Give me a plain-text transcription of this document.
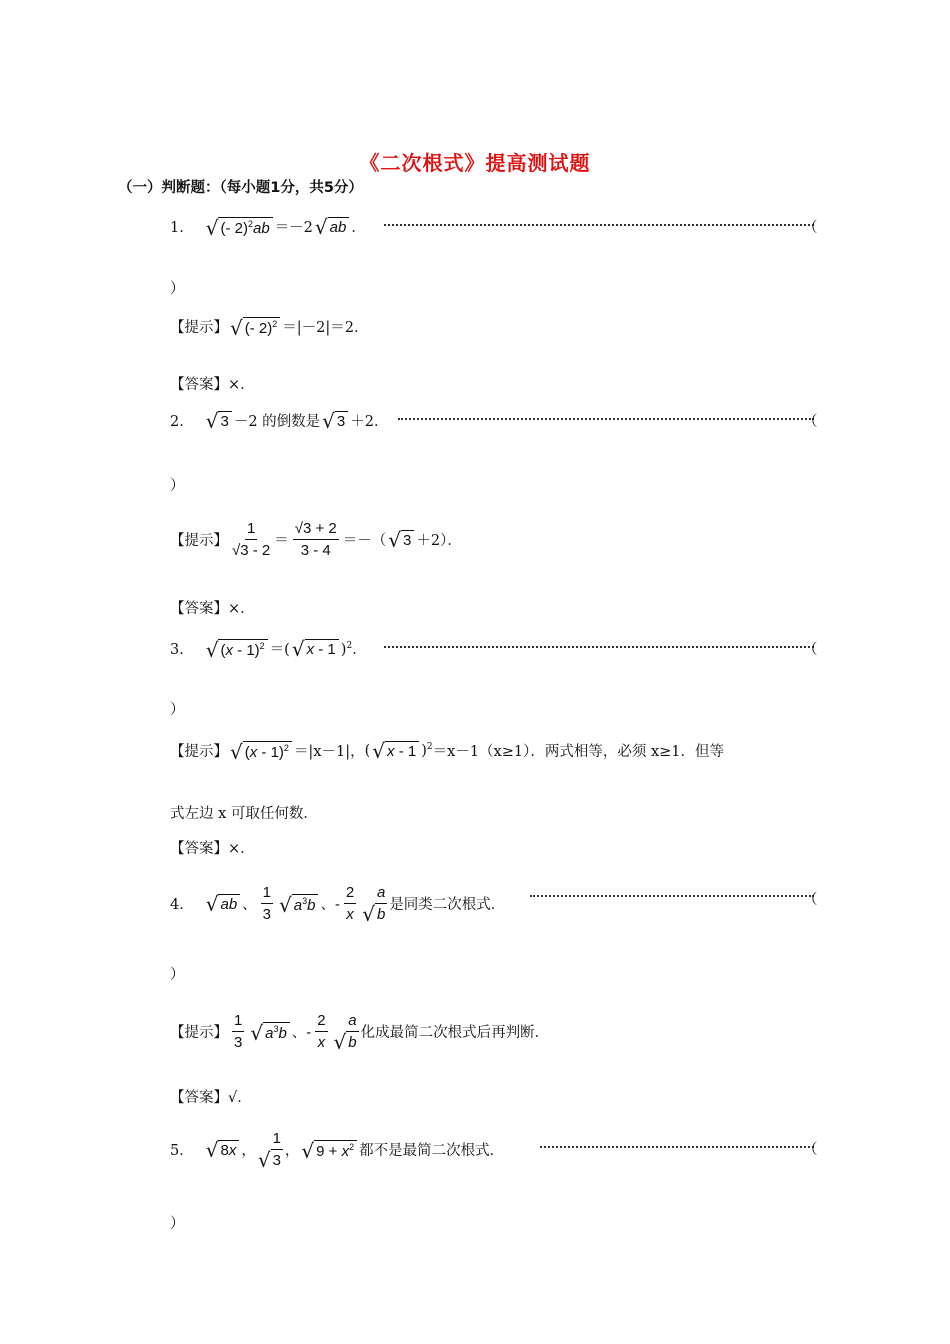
《二次根式》提高测试题
（一）判断题：（每小题1分，共5分）
1． √ (- 2)$^2$ab ＝－2 √ ab ．	（
）
【提示】 √ (- 2)$^2$ ＝|－2|＝2．
【答案】 ×．
2． √ 3 －2 的倒数是 √ 3 ＋2．	（
）
【提示】 $\frac{1}{√3 - 2} = \frac{√3 + 2}{3 - 4}$ ＝－（ √ 3 ＋2）．
【答案】 ×．
3． √ (x - 1)$^2$ ＝( √ x - 1 )$^2$．	（
）
【提示】 √ (x - 1)$^2$ ＝|x－1|， ( √ x - 1 )$^2$ ＝x－1（x≥1）．两式相等，必须 x≥1．但等
式左边 x 可取任何数．
【答案】 ×．
4． √ ab 、 $\frac{1}{3}$ √ $a^3b$ 、- $\frac{2}{x}$ √ $\frac{a}{b}$ 是同类二次根式．	（
）
【提示】 $\frac{1}{3}$ √ $a^3b$ 、- $\frac{2}{x}$ √ $\frac{a}{b}$ 化成最简二次根式后再判断．
【答案】 √．
5． √ 8x ， √ $\frac{1}{3}$ ， √ $9 + x^2$ 都不是最简二次根式．	（
）
